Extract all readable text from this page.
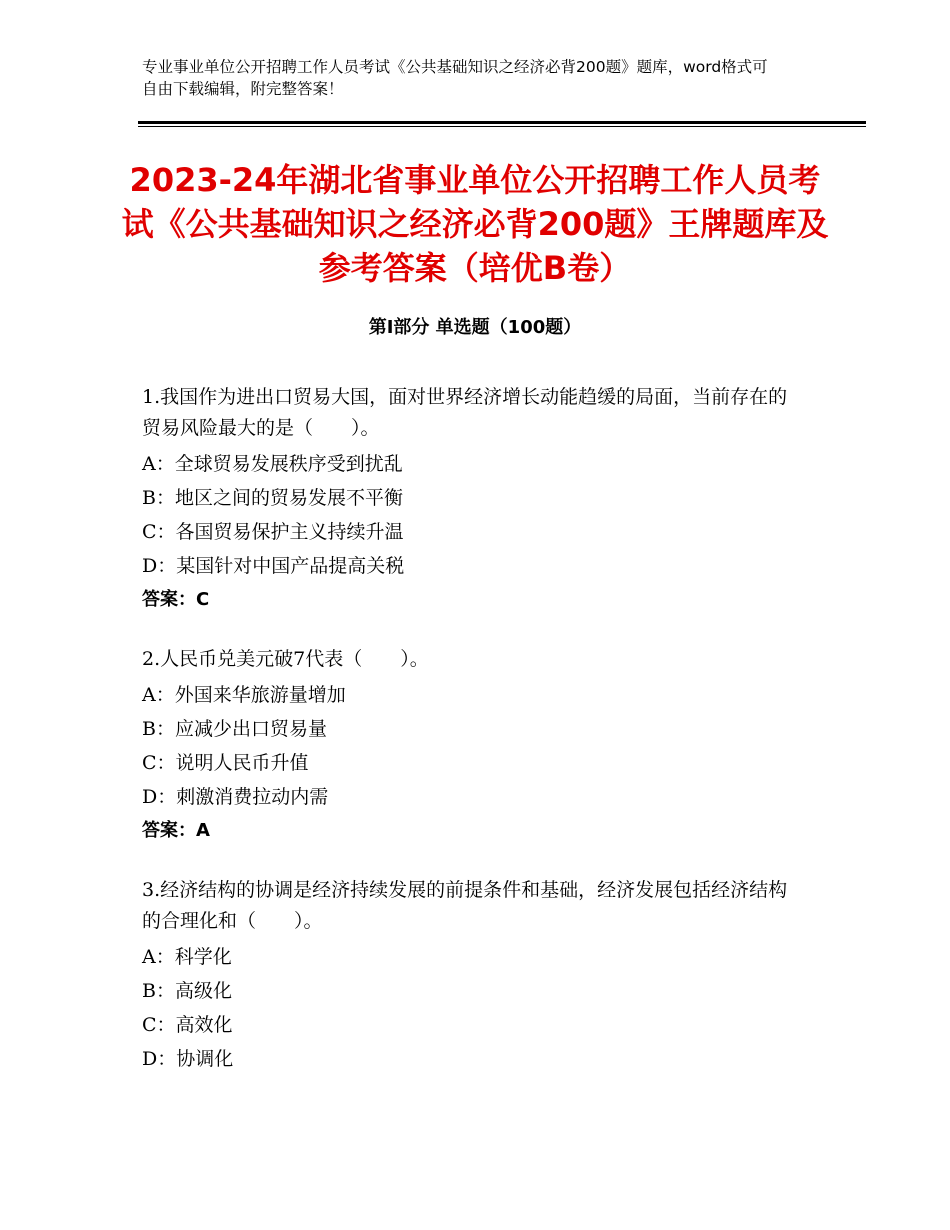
专业事业单位公开招聘工作人员考试《公共基础知识之经济必背200题》题库，word格式可自由下载编辑，附完整答案！
2023-24年湖北省事业单位公开招聘工作人员考试《公共基础知识之经济必背200题》王牌题库及参考答案（培优B卷）
第Ⅰ部分 单选题（100题）
1.我国作为进出口贸易大国，面对世界经济增长动能趋缓的局面，当前存在的贸易风险最大的是（　　）。
A：全球贸易发展秩序受到扰乱
B：地区之间的贸易发展不平衡
C：各国贸易保护主义持续升温
D：某国针对中国产品提高关税
答案：C
2.人民币兑美元破7代表（　　）。
A：外国来华旅游量增加
B：应减少出口贸易量
C：说明人民币升值
D：刺激消费拉动内需
答案：A
3.经济结构的协调是经济持续发展的前提条件和基础，经济发展包括经济结构的合理化和（　　）。
A：科学化
B：高级化
C：高效化
D：协调化
